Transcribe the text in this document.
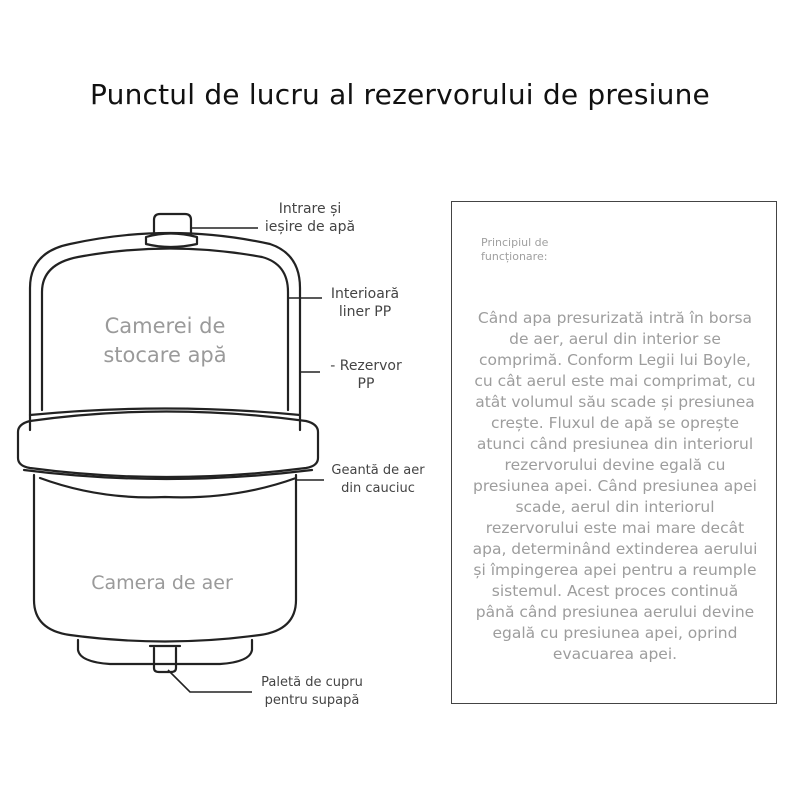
Punctul de lucru al rezervorului de presiune
Camerei de
stocare apă
Camera de aer
Intrare și
ieșire de apă
Interioară
liner PP
- Rezervor
PP
Geantă de aer
din cauciuc
Paletă de cupru
pentru supapă
Principiul de
funcționare:
Când apa presurizată intră în borsa de aer, aerul din interior se comprimă. Conform Legii lui Boyle, cu cât aerul este mai comprimat, cu atât volumul său scade și presiunea crește. Fluxul de apă se oprește atunci când presiunea din interiorul rezervorului devine egală cu presiunea apei. Când presiunea apei scade, aerul din interiorul rezervorului este mai mare decât apa, determinând extinderea aerului și împingerea apei pentru a reumple sistemul. Acest proces continuă până când presiunea aerului devine egală cu presiunea apei, oprind evacuarea apei.
